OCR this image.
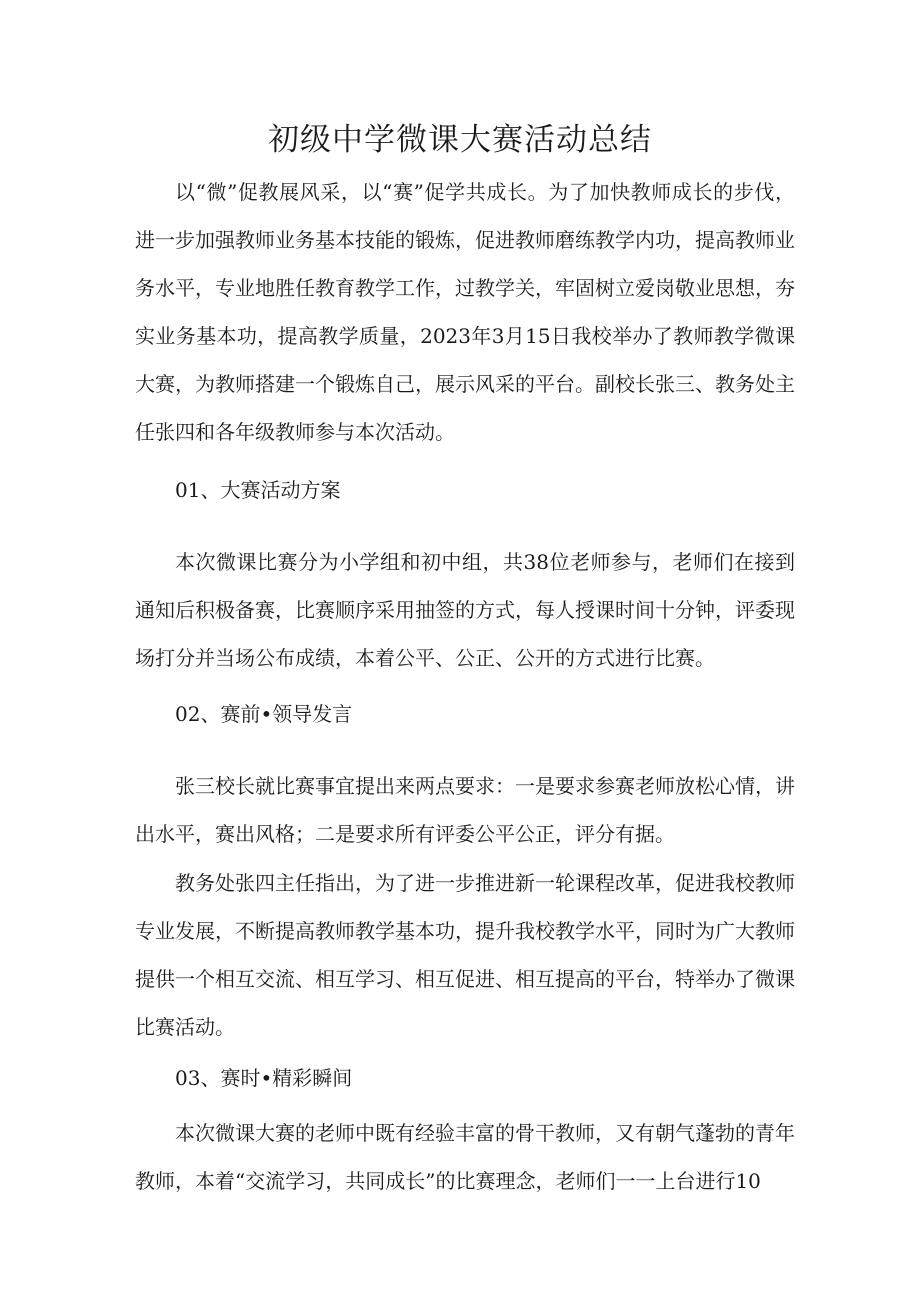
初级中学微课大赛活动总结

以“微”促教展风采，以“赛”促学共成长。为了加快教师成长的步伐，进一步加强教师业务基本技能的锻炼，促进教师磨练教学内功，提高教师业务水平，专业地胜任教育教学工作，过教学关，牢固树立爱岗敬业思想，夯实业务基本功，提高教学质量，2023年3月15日我校举办了教师教学微课大赛，为教师搭建一个锻炼自己，展示风采的平台。副校长张三、教务处主任张四和各年级教师参与本次活动。

01、大赛活动方案

本次微课比赛分为小学组和初中组，共38位老师参与，老师们在接到通知后积极备赛，比赛顺序采用抽签的方式，每人授课时间十分钟，评委现场打分并当场公布成绩，本着公平、公正、公开的方式进行比赛。

02、赛前•领导发言

张三校长就比赛事宜提出来两点要求：一是要求参赛老师放松心情，讲出水平，赛出风格；二是要求所有评委公平公正，评分有据。

教务处张四主任指出，为了进一步推进新一轮课程改革，促进我校教师专业发展，不断提高教师教学基本功，提升我校教学水平，同时为广大教师提供一个相互交流、相互学习、相互促进、相互提高的平台，特举办了微课比赛活动。

03、赛时•精彩瞬间

本次微课大赛的老师中既有经验丰富的骨干教师，又有朝气蓬勃的青年教师，本着“交流学习，共同成长”的比赛理念，老师们一一上台进行10
